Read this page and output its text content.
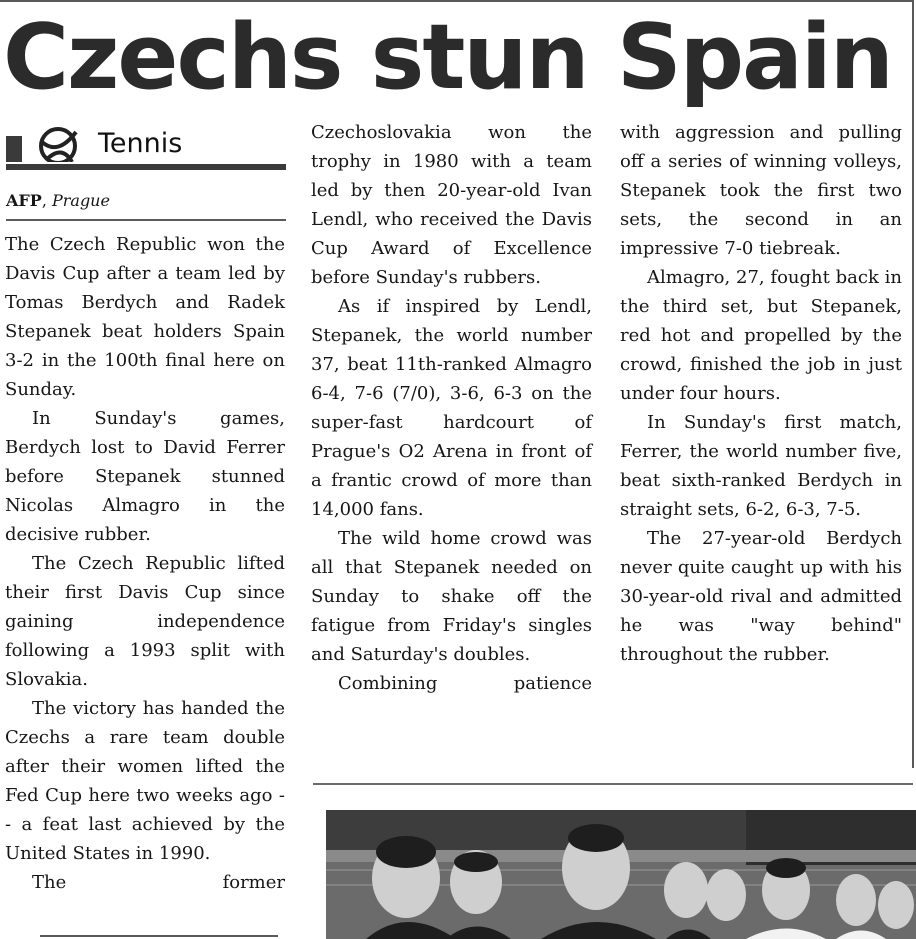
Czechs stun Spain
Tennis
AFP, Prague

The Czech Republic won the Davis Cup after a team led by Tomas Berdych and Radek Stepanek beat holders Spain 3-2 in the 100th final here on Sunday.

In Sunday's games, Berdych lost to David Ferrer before Stepanek stunned Nicolas Almagro in the decisive rubber.

The Czech Republic lifted their first Davis Cup since gaining independence following a 1993 split with Slovakia.

The victory has handed the Czechs a rare team double after their women lifted the Fed Cup here two weeks ago -- a feat last achieved by the United States in 1990.

The former

Czechoslovakia won the trophy in 1980 with a team led by then 20-year-old Ivan Lendl, who received the Davis Cup Award of Excellence before Sunday's rubbers.

As if inspired by Lendl, Stepanek, the world number 37, beat 11th-ranked Almagro 6-4, 7-6 (7/0), 3-6, 6-3 on the super-fast hardcourt of Prague's O2 Arena in front of a frantic crowd of more than 14,000 fans.

The wild home crowd was all that Stepanek needed on Sunday to shake off the fatigue from Friday's singles and Saturday's doubles.

Combining patience

with aggression and pulling off a series of winning volleys, Stepanek took the first two sets, the second in an impressive 7-0 tiebreak.

Almagro, 27, fought back in the third set, but Stepanek, red hot and propelled by the crowd, finished the job in just under four hours.

In Sunday's first match, Ferrer, the world number five, beat sixth-ranked Berdych in straight sets, 6-2, 6-3, 7-5.

The 27-year-old Berdych never quite caught up with his 30-year-old rival and admitted he was "way behind" throughout the rubber.
